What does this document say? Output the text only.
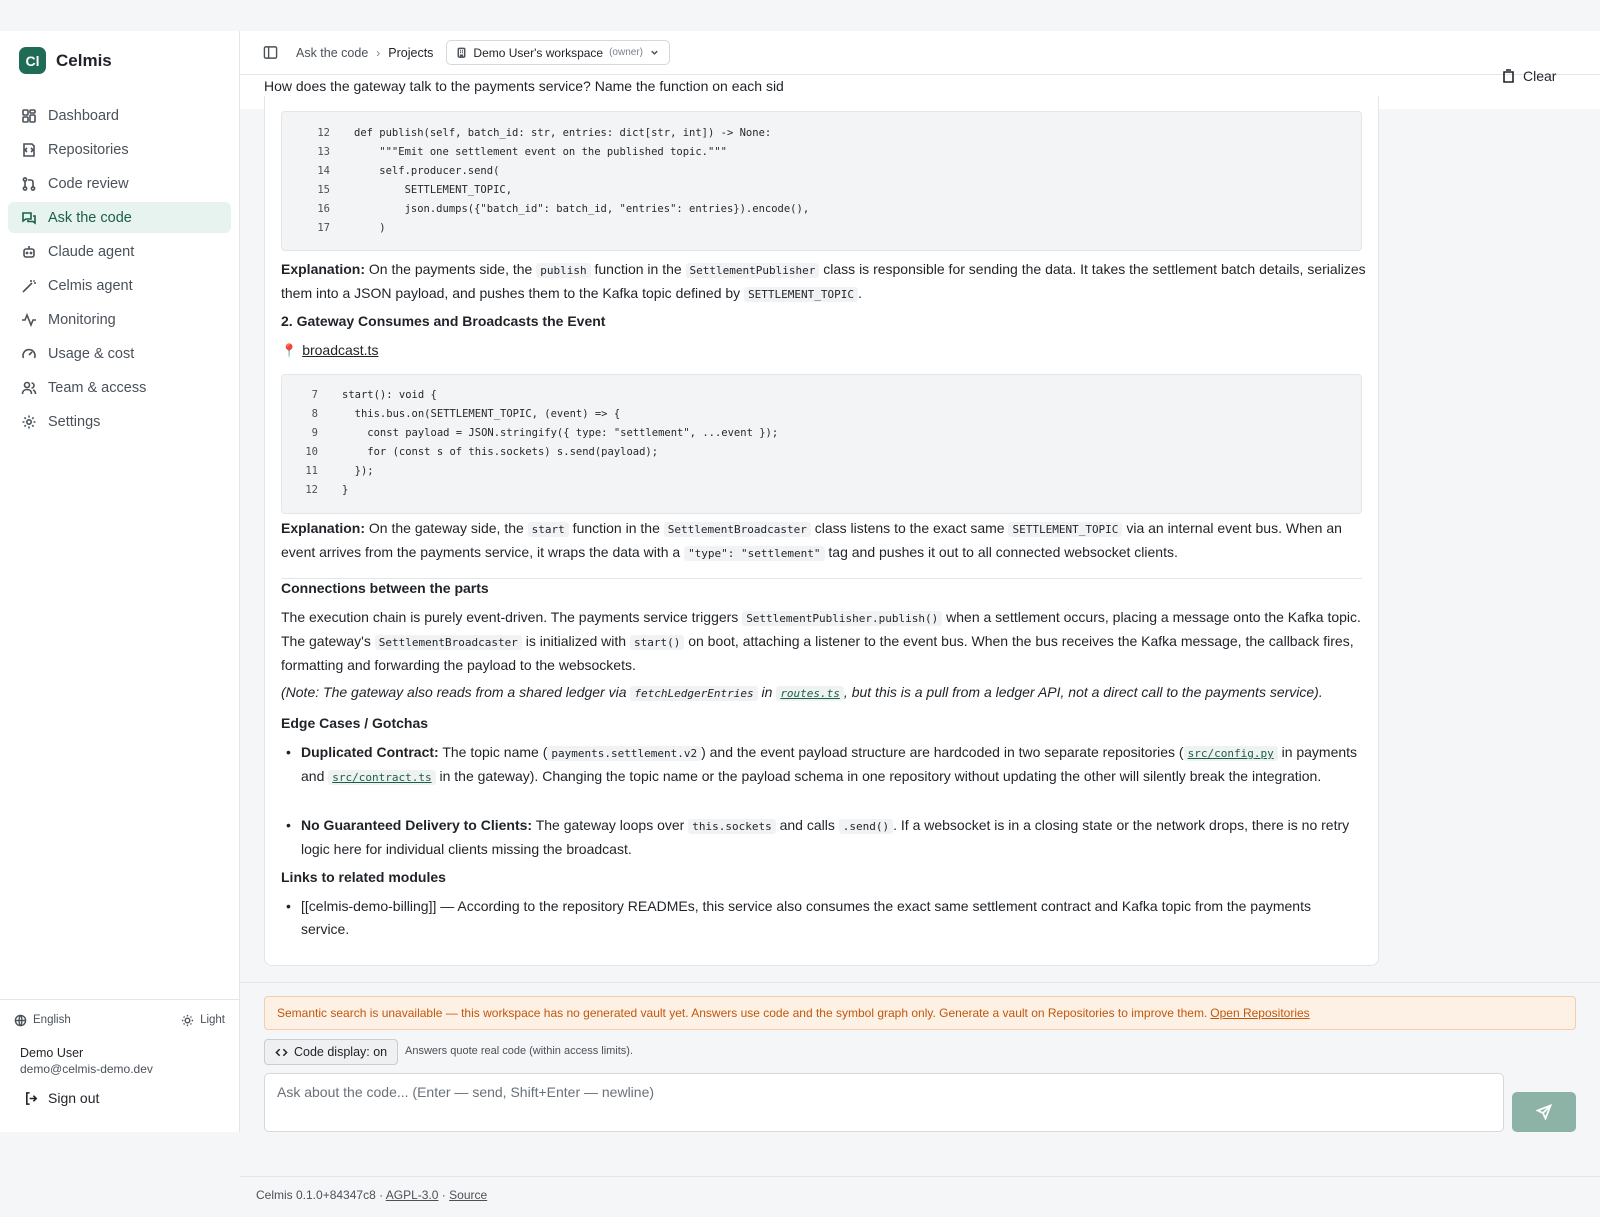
Cl Celmis
Dashboard
Repositories
Code review
Ask the code
Claude agent
Celmis agent
Monitoring
Usage & cost
Team & access
Settings
English	Light
Demo User
demo@celmis-demo.dev
Sign out
Ask the code › Projects	Demo User's workspace (owner)
How does the gateway talk to the payments service? Name the function on each sid
Clear
12 def publish(self, batch_id: str, entries: dict[str, int]) -> None:
13 """Emit one settlement event on the published topic."""
14 self.producer.send(
15 SETTLEMENT_TOPIC,
16 json.dumps({"batch_id": batch_id, "entries": entries}).encode(),
17 )

Explanation: On the payments side, the publish function in the SettlementPublisher class is responsible for sending the data. It takes the settlement batch details, serializes them into a JSON payload, and pushes them to the Kafka topic defined by SETTLEMENT_TOPIC .

2. Gateway Consumes and Broadcasts the Event
📍 broadcast.ts
7 start(): void {
8 this.bus.on(SETTLEMENT_TOPIC, (event) => {
9 const payload = JSON.stringify({ type: "settlement", ...event });
10 for (const s of this.sockets) s.send(payload);
11 });
12 }

Explanation: On the gateway side, the start function in the SettlementBroadcaster class listens to the exact same SETTLEMENT_TOPIC via an internal event bus. When an event arrives from the payments service, it wraps the data with a "type": "settlement" tag and pushes it out to all connected websocket clients.

Connections between the parts

The execution chain is purely event-driven. The payments service triggers SettlementPublisher.publish() when a settlement occurs, placing a message onto the Kafka topic. The gateway's SettlementBroadcaster is initialized with start() on boot, attaching a listener to the event bus. When the bus receives the Kafka message, the callback fires, formatting and forwarding the payload to the websockets.

(Note: The gateway also reads from a shared ledger via fetchLedgerEntries in routes.ts , but this is a pull from a ledger API, not a direct call to the payments service).

Edge Cases / Gotchas

• Duplicated Contract: The topic name ( payments.settlement.v2 ) and the event payload structure are hardcoded in two separate repositories ( src/config.py in payments and src/contract.ts in the gateway). Changing the topic name or the payload schema in one repository without updating the other will silently break the integration.

• No Guaranteed Delivery to Clients: The gateway loops over this.sockets and calls .send() . If a websocket is in a closing state or the network drops, there is no retry logic here for individual clients missing the broadcast.

Links to related modules

• [[celmis-demo-billing]] — According to the repository READMEs, this service also consumes the exact same settlement contract and Kafka topic from the payments service.

Semantic search is unavailable — this workspace has no generated vault yet. Answers use code and the symbol graph only. Generate a vault on Repositories to improve them. Open Repositories
Code display: on Answers quote real code (within access limits).
Ask about the code... (Enter — send, Shift+Enter — newline)
Celmis 0.1.0+84347c8 · AGPL-3.0 · Source
